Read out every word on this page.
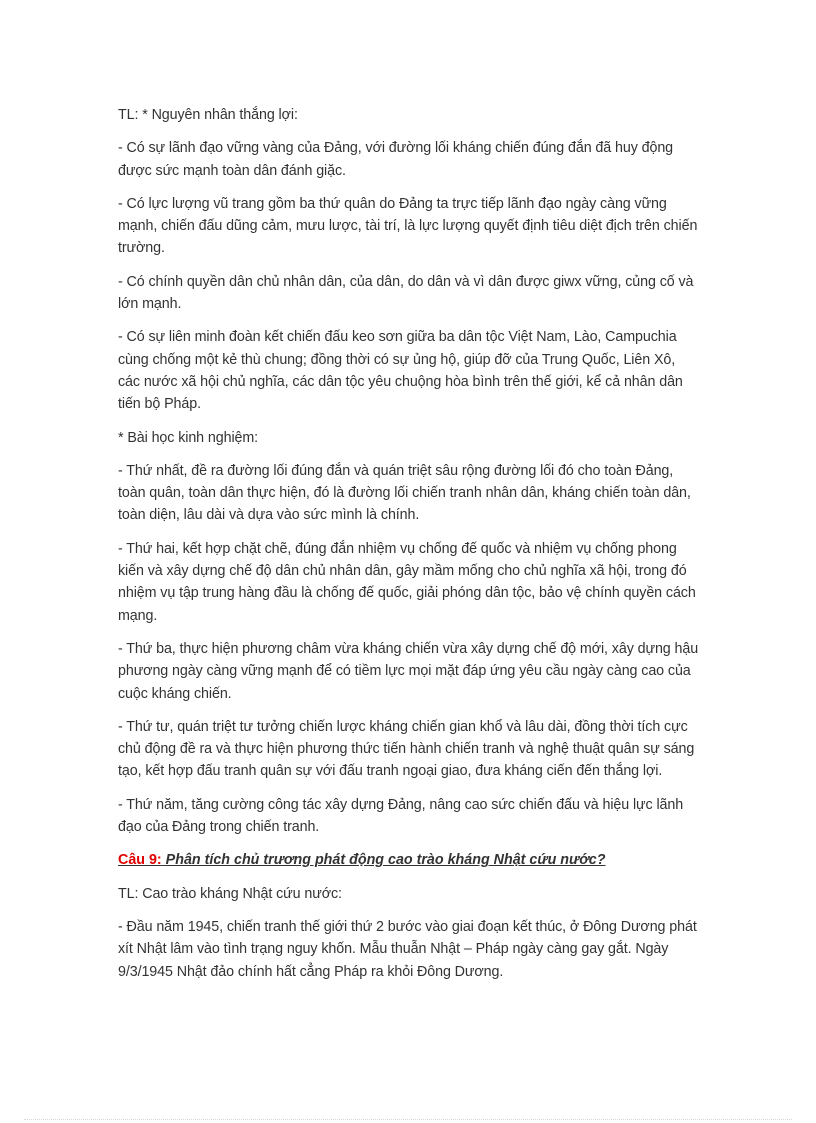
TL: * Nguyên nhân thắng lợi:

- Có sự lãnh đạo vững vàng của Đảng, với đường lối kháng chiến đúng đắn đã huy động được sức mạnh toàn dân đánh giặc.

- Có lực lượng vũ trang gồm ba thứ quân do Đảng ta trực tiếp lãnh đạo ngày càng vững mạnh, chiến đấu dũng cảm, mưu lược, tài trí, là lực lượng quyết định tiêu diệt địch trên chiến trường.

- Có chính quyền dân chủ nhân dân, của dân, do dân và vì dân được giwx vững, củng cố và lớn mạnh.

- Có sự liên minh đoàn kết chiến đấu keo sơn giữa ba dân tộc Việt Nam, Lào, Campuchia cùng chống một kẻ thù chung; đồng thời có sự ủng hộ, giúp đỡ của Trung Quốc, Liên Xô, các nước xã hội chủ nghĩa, các dân tộc yêu chuộng hòa bình trên thế giới, kể cả nhân dân tiến bộ Pháp.

* Bài học kinh nghiệm:

- Thứ nhất, đề ra đường lối đúng đắn và quán triệt sâu rộng đường lối đó cho toàn Đảng, toàn quân, toàn dân thực hiện, đó là đường lối chiến tranh nhân dân, kháng chiến toàn dân, toàn diện, lâu dài và dựa vào sức mình là chính.

- Thứ hai, kết hợp chặt chẽ, đúng đắn nhiệm vụ chống đế quốc và nhiệm vụ chống phong kiến và xây dựng chế độ dân chủ nhân dân, gây mầm mống cho chủ nghĩa xã hội, trong đó nhiệm vụ tập trung hàng đầu là chống đế quốc, giải phóng dân tộc, bảo vệ chính quyền cách mạng.

- Thứ ba, thực hiện phương châm vừa kháng chiến vừa xây dựng chế độ mới, xây dựng hậu phương ngày càng vững mạnh để có tiềm lực mọi mặt đáp ứng yêu cầu ngày càng cao của cuộc kháng chiến.

- Thứ tư, quán triệt tư tưởng chiến lược kháng chiến gian khổ và lâu dài, đồng thời tích cực chủ động đề ra và thực hiện phương thức tiến hành chiến tranh và nghệ thuật quân sự sáng tạo, kết hợp đấu tranh quân sự với đấu tranh ngoại giao, đưa kháng ciến đến thắng lợi.

- Thứ năm, tăng cường công tác xây dựng Đảng, nâng cao sức chiến đấu và hiệu lực lãnh đạo của Đảng trong chiến tranh.

Câu 9: Phân tích chủ trương phát động cao trào kháng Nhật cứu nước?

TL: Cao trào kháng Nhật cứu nước:

- Đầu năm 1945, chiến tranh thế giới thứ 2 bước vào giai đoạn kết thúc, ở Đông Dương phát xít Nhật lâm vào tình trạng nguy khốn. Mẫu thuẫn Nhật – Pháp ngày càng gay gắt. Ngày 9/3/1945 Nhật đảo chính hất cẳng Pháp ra khỏi Đông Dương.
